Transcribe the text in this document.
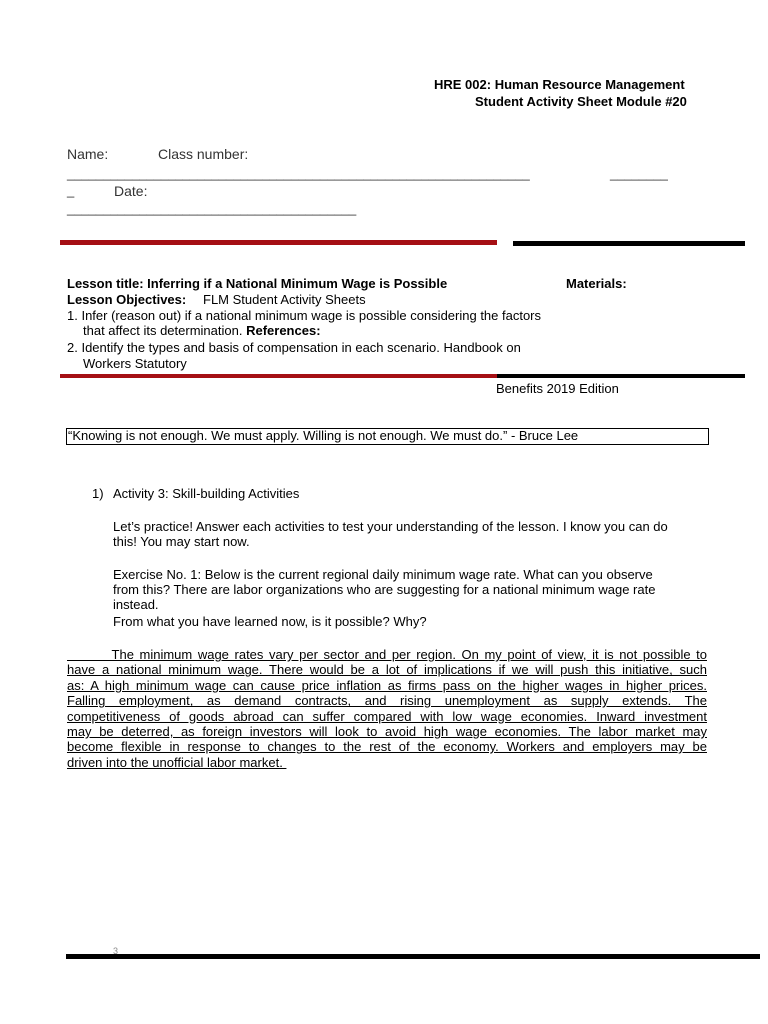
HRE 002: Human Resource Management
Student Activity Sheet Module #20
Name:	Class number:
________________________________________________________________	________
_	Date:
________________________________________
Lesson title: Inferring if a National Minimum Wage is Possible	Materials:
Lesson Objectives: FLM Student Activity Sheets
1. Infer (reason out) if a national minimum wage is possible considering the factors
that affect its determination. References:
2. Identify the types and basis of compensation in each scenario. Handbook on
Workers Statutory
Benefits 2019 Edition
“Knowing is not enough. We must apply. Willing is not enough. We must do.” - Bruce Lee
1) Activity 3: Skill-building Activities
Let’s practice! Answer each activities to test your understanding of the lesson. I know you can do
this! You may start now.
Exercise No. 1: Below is the current regional daily minimum wage rate. What can you observe
from this? There are labor organizations who are suggesting for a national minimum wage rate
instead.
From what you have learned now, is it possible? Why?
The minimum wage rates vary per sector and per region. On my point of view, it is not possible to
have a national minimum wage. There would be a lot of implications if we will push this initiative, such
as: A high minimum wage can cause price inflation as firms pass on the higher wages in higher prices.
Falling employment, as demand contracts, and rising unemployment as supply extends. The
competitiveness of goods abroad can suffer compared with low wage economies. Inward investment
may be deterred, as foreign investors will look to avoid high wage economies. The labor market may
become flexible in response to changes to the rest of the economy. Workers and employers may be
driven into the unofficial labor market.
3
